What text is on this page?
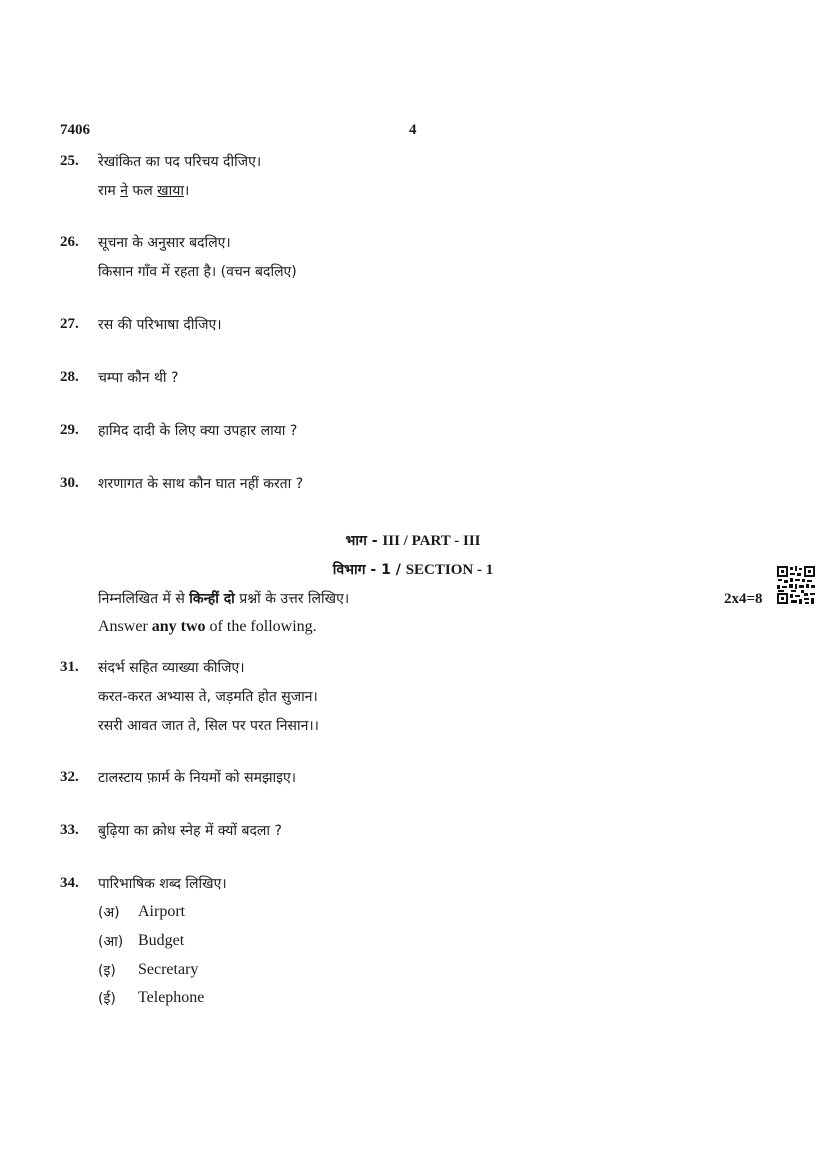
7406	4
25. रेखांकित का पद परिचय दीजिए।
राम ने फल खाया।
26. सूचना के अनुसार बदलिए।
किसान गाँव में रहता है। (वचन बदलिए)
27. रस की परिभाषा दीजिए।
28. चम्पा कौन थी ?
29. हामिद दादी के लिए क्या उपहार लाया ?
30. शरणागत के साथ कौन घात नहीं करता ?
भाग - III / PART - III
विभाग - 1 / SECTION - 1
निम्नलिखित में से किन्हीं दो प्रश्नों के उत्तर लिखिए।	2x4=8
Answer any two of the following.
31. संदर्भ सहित व्याख्या कीजिए।
करत-करत अभ्यास ते, जड़मति होत सुजान।
रसरी आवत जात ते, सिल पर परत निसान।।
32. टालस्टाय फ़ार्म के नियमों को समझाइए।
33. बुढ़िया का क्रोध स्नेह में क्यों बदला ?
34. पारिभाषिक शब्द लिखिए।
(अ) Airport
(आ) Budget
(इ) Secretary
(ई) Telephone
